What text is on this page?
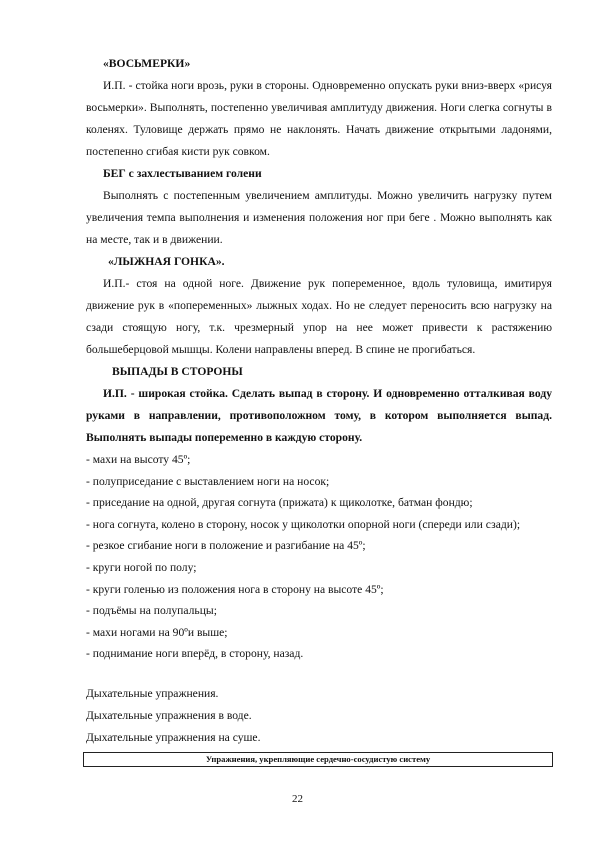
«ВОСЬМЕРКИ»

И.П. - стойка ноги врозь, руки в стороны. Одновременно опускать руки вниз-вверх «рисуя восьмерки». Выполнять, постепенно увеличивая амплитуду движения. Ноги слегка согнуты в коленях. Туловище держать прямо не наклонять. Начать движение открытыми ладонями, постепенно сгибая кисти рук совком.

БЕГ с захлестыванием голени

Выполнять с постепенным увеличением амплитуды. Можно увеличить нагрузку путем увеличения темпа выполнения и изменения положения ног при беге . Можно выполнять как на месте, так и в движении.

«ЛЫЖНАЯ ГОНКА».

И.П.- стоя на одной ноге. Движение рук попеременное, вдоль туловища, имитируя движение рук в «попеременных» лыжных ходах. Но не следует переносить всю нагрузку на сзади стоящую ногу, т.к. чрезмерный упор на нее может привести к растяжению большеберцовой мышцы. Колени направлены вперед. В спине не прогибаться.

ВЫПАДЫ В СТОРОНЫ

И.П. - широкая стойка. Сделать выпад в сторону. И одновременно отталкивая воду руками в направлении, противоположном тому, в котором выполняется выпад. Выполнять выпады попеременно в каждую сторону.

- махи на высоту 45º;
- полуприседание с выставлением ноги на носок;
- приседание на одной, другая согнута (прижата) к щиколотке, батман фондю;
- нога согнута, колено в сторону, носок у щиколотки опорной ноги (спереди или сзади);
- резкое сгибание ноги в положение и разгибание на 45º;
- круги ногой по полу;
- круги голенью из положения нога в сторону на высоте 45º;
- подъёмы на полупальцы;
- махи ногами на 90ºи выше;
- поднимание ноги вперёд, в сторону, назад.

Дыхательные упражнения.

Дыхательные упражнения в воде.

Дыхательные упражнения на суше.

Упражнения, укрепляющие сердечно-сосудистую систему
22
